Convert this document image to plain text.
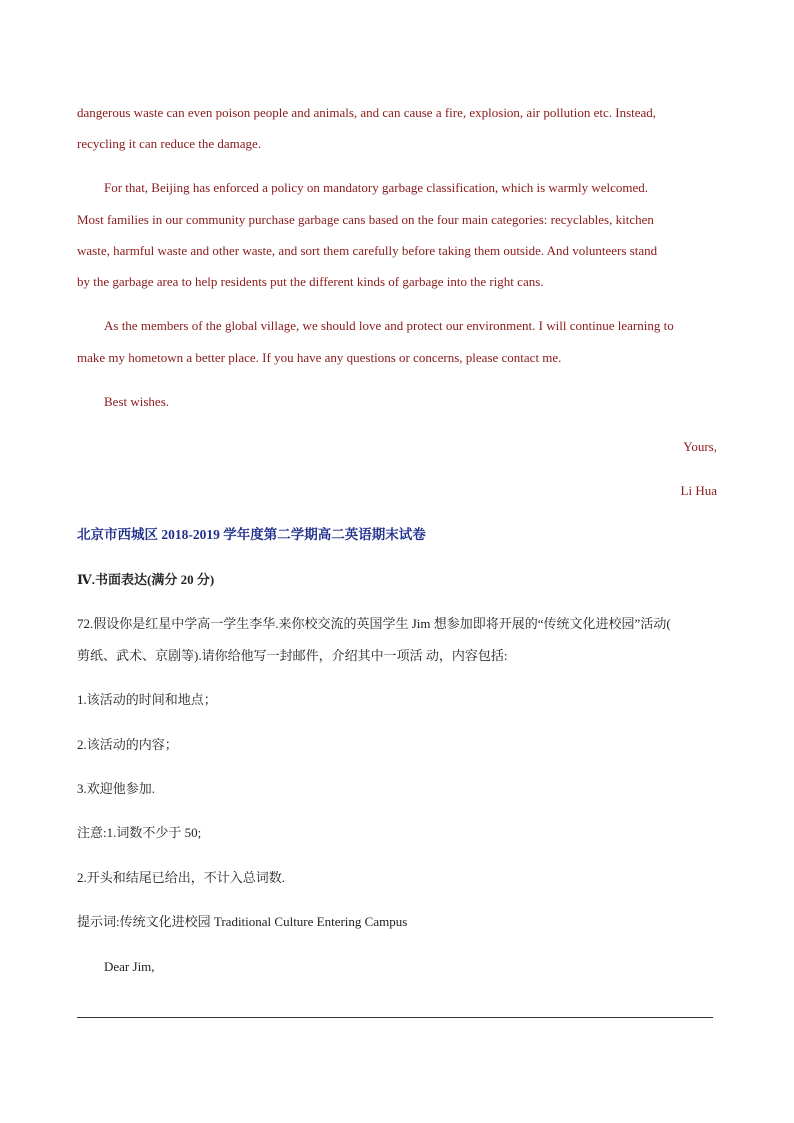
dangerous waste can even poison people and animals, and can cause a fire, explosion, air pollution etc. Instead,
recycling it can reduce the damage.
For that, Beijing has enforced a policy on mandatory garbage classification, which is warmly welcomed.
Most families in our community purchase garbage cans based on the four main categories: recyclables, kitchen
waste, harmful waste and other waste, and sort them carefully before taking them outside. And volunteers stand
by the garbage area to help residents put the different kinds of garbage into the right cans.
As the members of the global village, we should love and protect our environment. I will continue learning to
make my hometown a better place. If you have any questions or concerns, please contact me.
Best wishes.
Yours,
Li Hua
北京市西城区 2018-2019 学年度第二学期高二英语期末试卷
Ⅳ.书面表达(满分 20 分)
72.假设你是红星中学高一学生李华.来你校交流的英国学生 Jim 想参加即将开展的“传统文化进校园”活动(
剪纸、武术、京剧等).请你给他写一封邮件，介绍其中一项活 动，内容包括:
1.该活动的时间和地点；
2.该活动的内容；
3.欢迎他参加.
注意:1.词数不少于 50;
2.开头和结尾已给出，不计入总词数.
提示词:传统文化进校园 Traditional Culture Entering Campus
Dear Jim,
